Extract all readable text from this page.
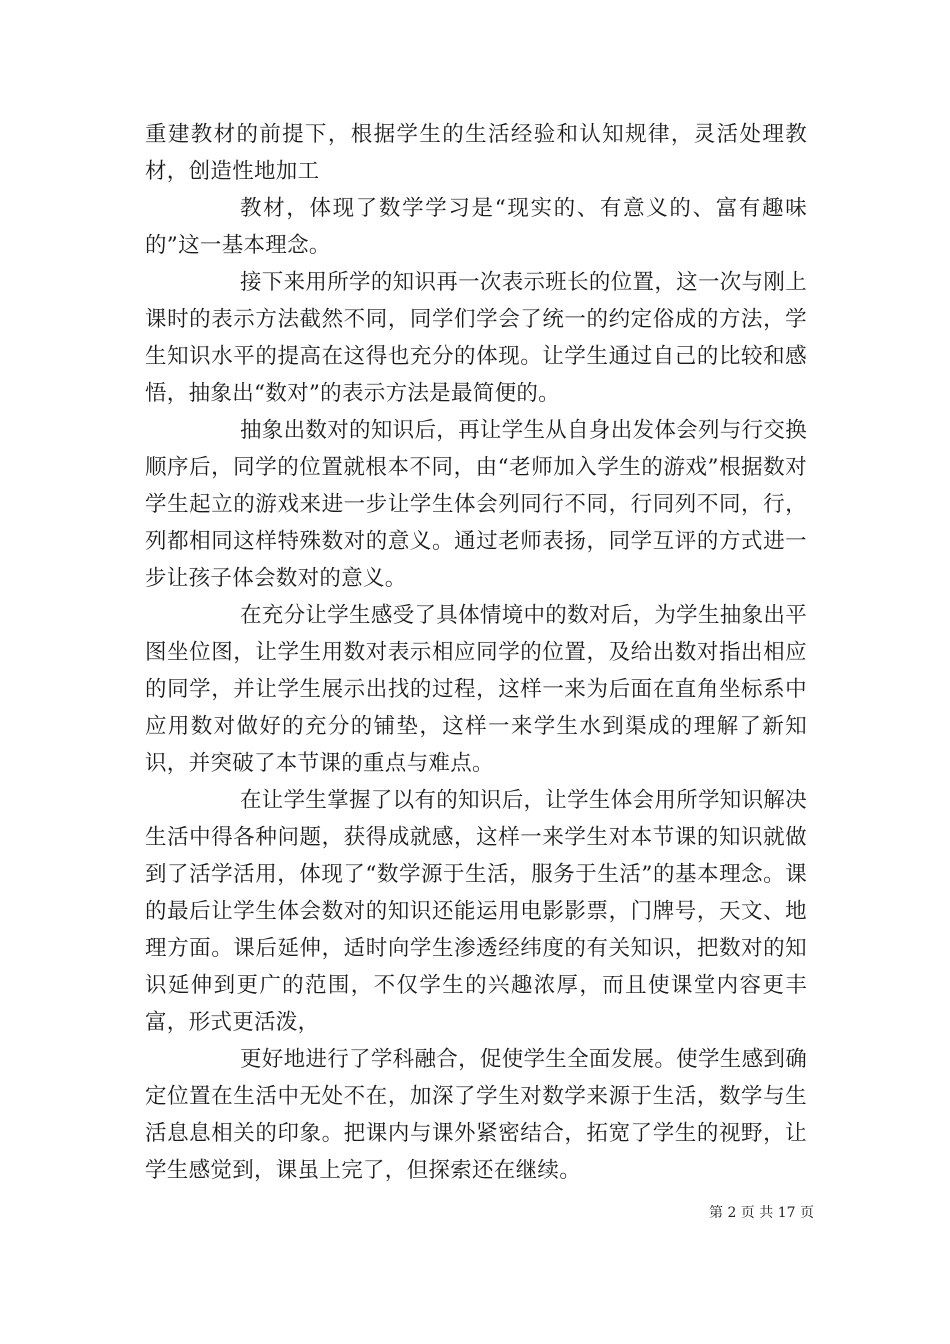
重建教材的前提下，根据学生的生活经验和认知规律，灵活处理教材，创造性地加工

教材，体现了数学学习是“现实的、有意义的、富有趣味的”这一基本理念。

接下来用所学的知识再一次表示班长的位置，这一次与刚上课时的表示方法截然不同，同学们学会了统一的约定俗成的方法，学生知识水平的提高在这得也充分的体现。让学生通过自己的比较和感悟，抽象出“数对”的表示方法是最简便的。

抽象出数对的知识后，再让学生从自身出发体会列与行交换顺序后，同学的位置就根本不同，由“老师加入学生的游戏”根据数对学生起立的游戏来进一步让学生体会列同行不同，行同列不同，行，列都相同这样特殊数对的意义。通过老师表扬，同学互评的方式进一步让孩子体会数对的意义。

在充分让学生感受了具体情境中的数对后，为学生抽象出平图坐位图，让学生用数对表示相应同学的位置，及给出数对指出相应的同学，并让学生展示出找的过程，这样一来为后面在直角坐标系中应用数对做好的充分的铺垫，这样一来学生水到渠成的理解了新知识，并突破了本节课的重点与难点。

在让学生掌握了以有的知识后，让学生体会用所学知识解决生活中得各种问题，获得成就感，这样一来学生对本节课的知识就做到了活学活用，体现了“数学源于生活，服务于生活”的基本理念。课的最后让学生体会数对的知识还能运用电影影票，门牌号，天文、地理方面。课后延伸，适时向学生渗透经纬度的有关知识，把数对的知识延伸到更广的范围，不仅学生的兴趣浓厚，而且使课堂内容更丰富，形式更活泼，

更好地进行了学科融合，促使学生全面发展。使学生感到确定位置在生活中无处不在，加深了学生对数学来源于生活，数学与生活息息相关的印象。把课内与课外紧密结合，拓宽了学生的视野，让学生感觉到，课虽上完了，但探索还在继续。

第 2 页 共 17 页
